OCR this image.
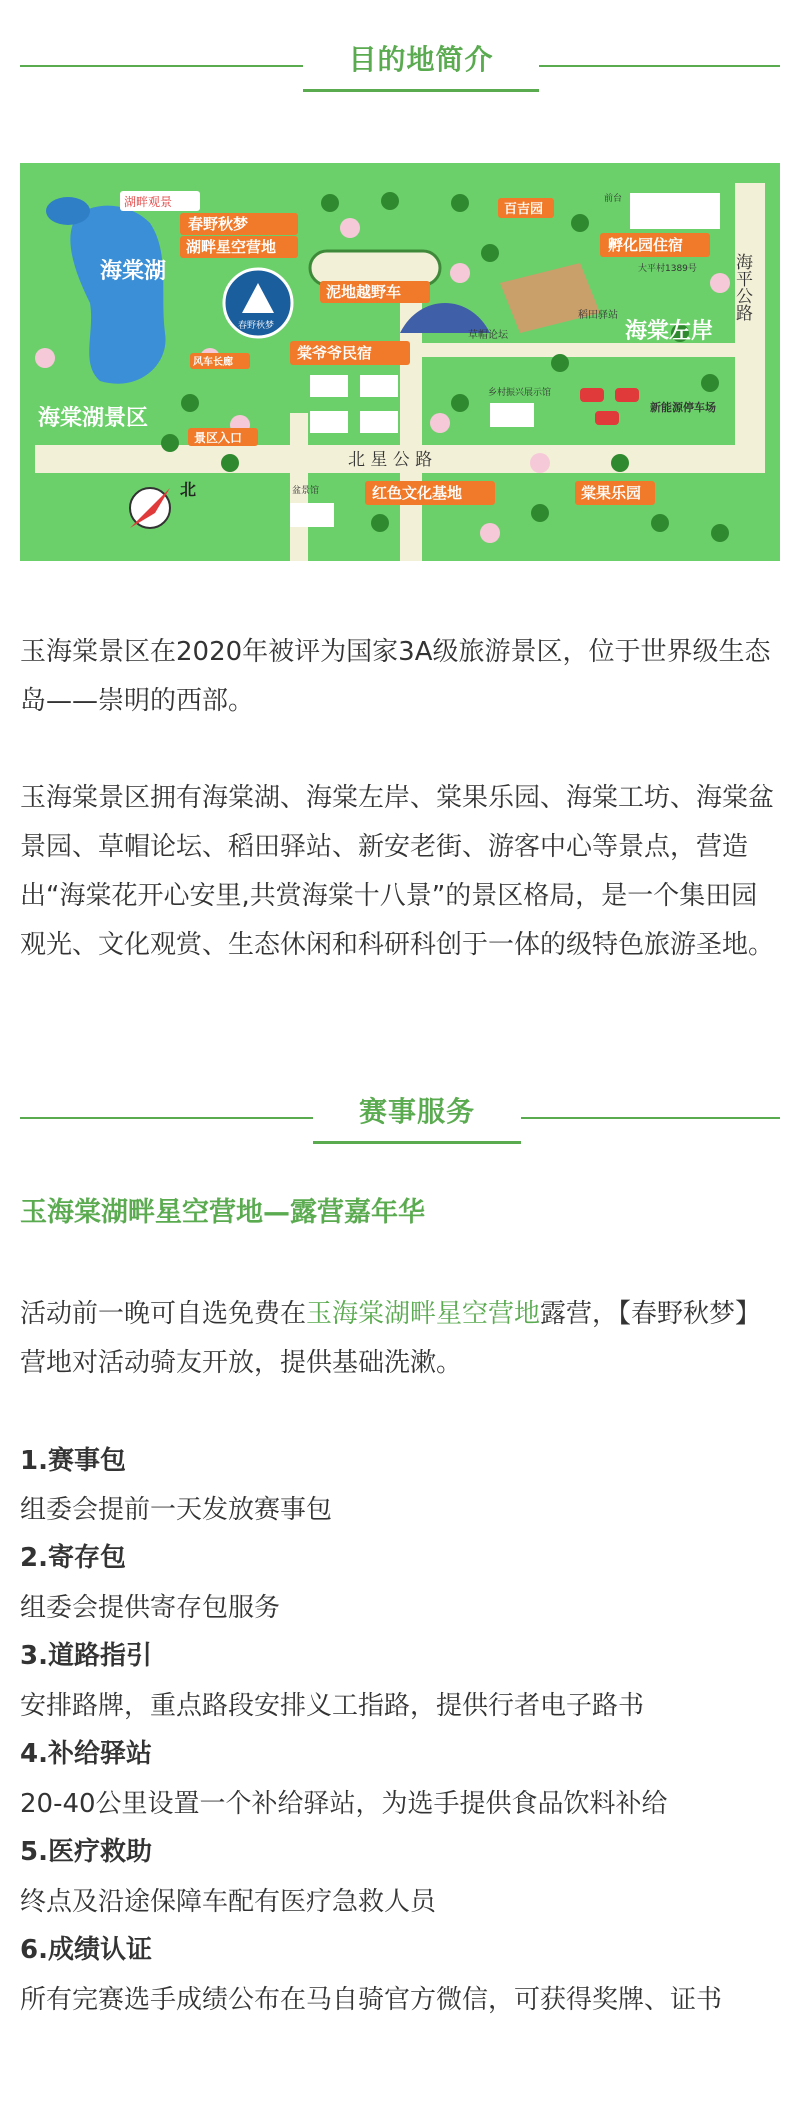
目的地简介
海棠湖
春野秋梦
北
湖畔观景
春野秋梦
湖畔星空营地
泥地越野车
百吉园
孵化园住宿
大平村1389号
前台
海棠左岸
风车长廊
海棠湖景区
棠爷爷民宿
草帽论坛
稻田驿站
乡村振兴展示馆
新能源停车场
景区入口
北 星 公 路
红色文化基地	棠果乐园
盆景馆
海平公路
玉海棠景区在2020年被评为国家3A级旅游景区，位于世界级生态岛——崇明的西部。
玉海棠景区拥有海棠湖、海棠左岸、棠果乐园、海棠工坊、海棠盆景园、草帽论坛、稻田驿站、新安老街、游客中心等景点，营造出“海棠花开心安里,共赏海棠十八景”的景区格局，是一个集田园观光、文化观赏、生态休闲和科研科创于一体的级特色旅游圣地。
赛事服务
玉海棠湖畔星空营地—露营嘉年华
活动前一晚可自选免费在玉海棠湖畔星空营地露营，【春野秋梦】营地对活动骑友开放，提供基础洗漱。
1.赛事包
组委会提前一天发放赛事包
2.寄存包
组委会提供寄存包服务
3.道路指引
安排路牌，重点路段安排义工指路，提供行者电子路书
4.补给驿站
20-40公里设置一个补给驿站，为选手提供食品饮料补给
5.医疗救助
终点及沿途保障车配有医疗急救人员
6.成绩认证
所有完赛选手成绩公布在马自骑官方微信，可获得奖牌、证书
